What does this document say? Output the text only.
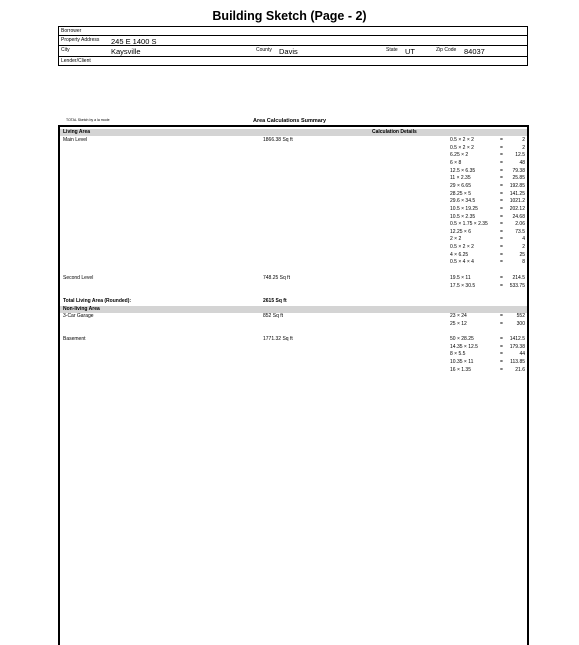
Building Sketch (Page - 2)
Borrower
Property Address 245 E 1400 S
City	Kaysville	County Davis	State UT	Zip Code 84037
Lender/Client
TOTAL Sketch by a la mode	Area Calculations Summary
Living Area	Calculation Details
Main Level	1866.38 Sq ft	0.5 × 2 × 2	=	2
0.5 × 2 × 2	=	2
6.25 × 2	=	12.5
6 × 8	=	48
12.5 × 6.35	=	79.38
11 × 2.35	=	25.85
29 × 6.65	=	192.85
28.25 × 5	=	141.25
29.6 × 34.5	=	1021.2
10.5 × 19.25	=	202.12
10.5 × 2.35	=	24.68
0.5 × 1.75 × 2.35 =	2.06
12.25 × 6	=	73.5
2 × 2	=	4
0.5 × 2 × 2	=	2
4 × 6.25	=	25
0.5 × 4 × 4	=	8
Second Level	748.25 Sq ft	19.5 × 11	=	214.5
17.5 × 30.5	=	533.75
Total Living Area (Rounded):	2615 Sq ft
Non-living Area
3-Car Garage	852 Sq ft	23 × 24	=	552
25 × 12	=	300
Basement	1771.32 Sq ft	50 × 28.25	=	1412.5
14.35 × 12.5	=	179.38
8 × 5.5	=	44
10.35 × 11	=	113.85
16 × 1.35	=	21.6
